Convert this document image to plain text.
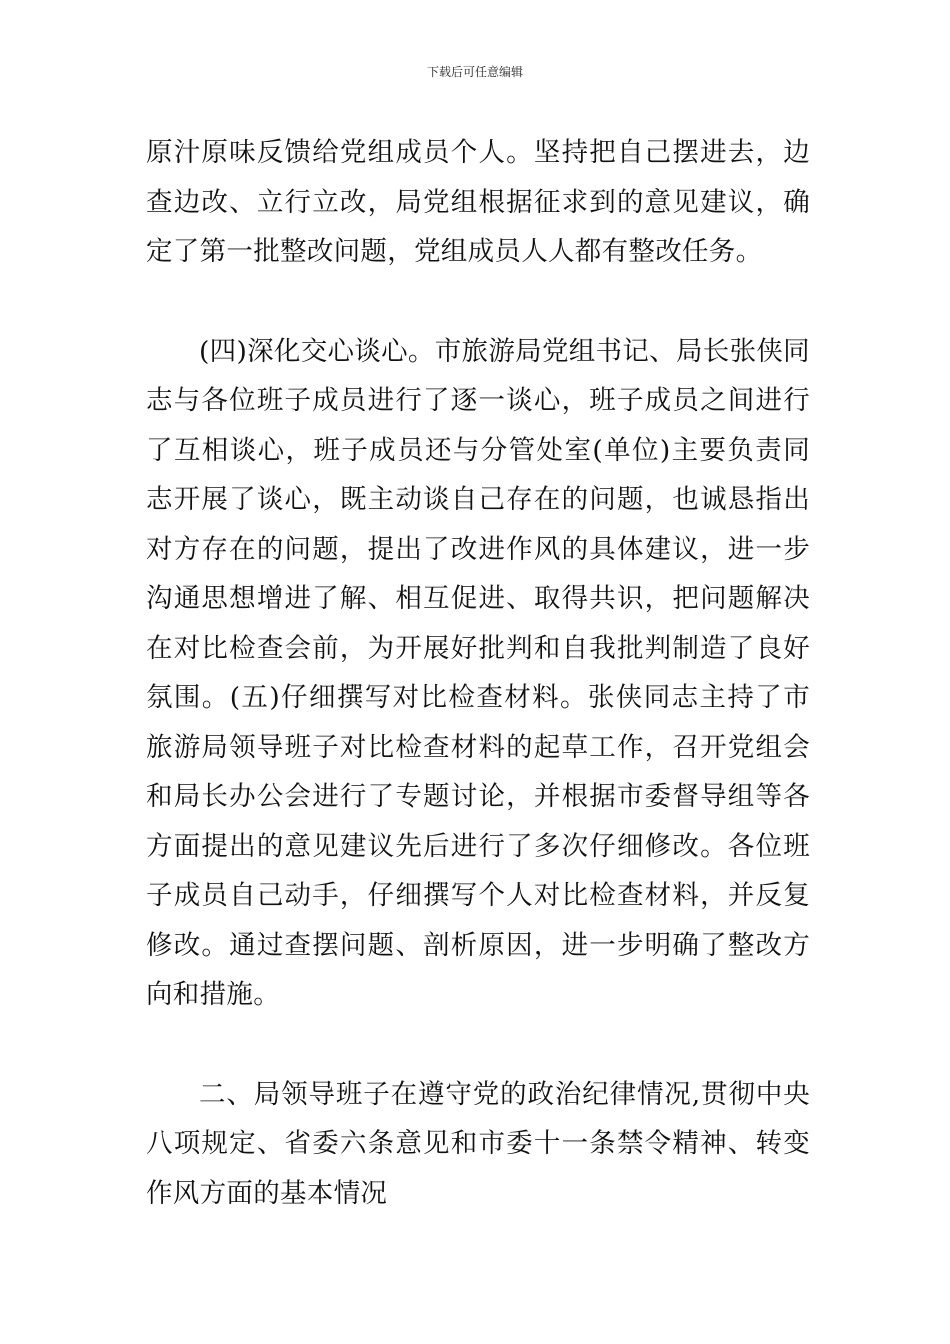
下载后可任意编辑

原汁原味反馈给党组成员个人。坚持把自己摆进去，边查边改、立行立改，局党组根据征求到的意见建议，确定了第一批整改问题，党组成员人人都有整改任务。

(四)深化交心谈心。市旅游局党组书记、局长张侠同志与各位班子成员进行了逐一谈心，班子成员之间进行了互相谈心，班子成员还与分管处室(单位)主要负责同志开展了谈心，既主动谈自己存在的问题，也诚恳指出对方存在的问题，提出了改进作风的具体建议，进一步沟通思想增进了解、相互促进、取得共识，把问题解决在对比检查会前，为开展好批判和自我批判制造了良好氛围。(五)仔细撰写对比检查材料。张侠同志主持了市旅游局领导班子对比检查材料的起草工作，召开党组会和局长办公会进行了专题讨论，并根据市委督导组等各方面提出的意见建议先后进行了多次仔细修改。各位班子成员自己动手，仔细撰写个人对比检查材料，并反复修改。通过查摆问题、剖析原因，进一步明确了整改方向和措施。

二、局领导班子在遵守党的政治纪律情况,贯彻中央八项规定、省委六条意见和市委十一条禁令精神、转变作风方面的基本情况
